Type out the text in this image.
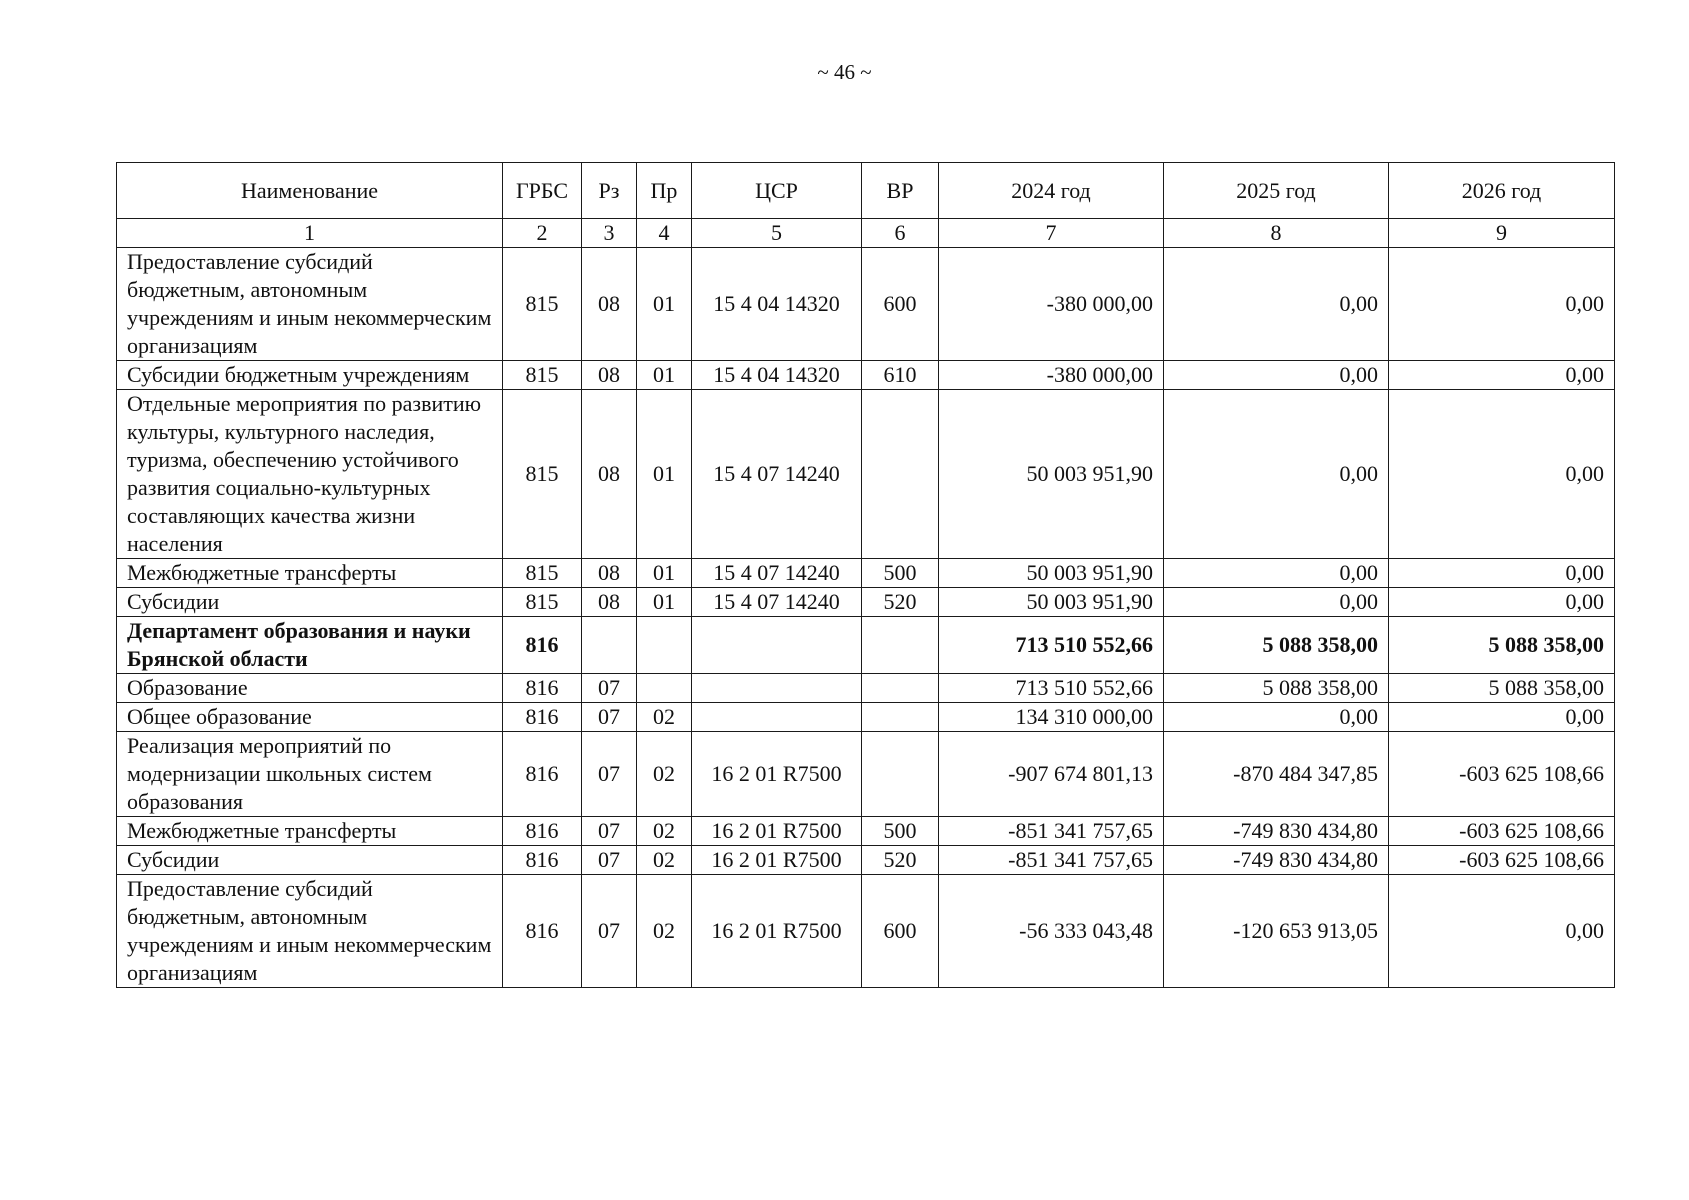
~ 46 ~
Наименование	ГРБС	Рз	Пр	ЦСР	ВР	2024 год	2025 год	2026 год
1	2	3	4	5	6	7	8	9
Предоставление субсидий бюджетным, автономным учреждениям и иным некоммерческим организациям	815	08	01	15 4 04 14320	600	-380 000,00	0,00	0,00
Субсидии бюджетным учреждениям	815	08	01	15 4 04 14320	610	-380 000,00	0,00	0,00
Отдельные мероприятия по развитию культуры, культурного наследия, туризма, обеспечению устойчивого развития социально-культурных составляющих качества жизни населения	815	08	01	15 4 07 14240		50 003 951,90	0,00	0,00
Межбюджетные трансферты	815	08	01	15 4 07 14240	500	50 003 951,90	0,00	0,00
Субсидии	815	08	01	15 4 07 14240	520	50 003 951,90	0,00	0,00
Департамент образования и науки Брянской области	816					713 510 552,66	5 088 358,00	5 088 358,00
Образование	816	07				713 510 552,66	5 088 358,00	5 088 358,00
Общее образование	816	07	02			134 310 000,00	0,00	0,00
Реализация мероприятий по модернизации школьных систем образования	816	07	02	16 2 01 R7500		-907 674 801,13	-870 484 347,85	-603 625 108,66
Межбюджетные трансферты	816	07	02	16 2 01 R7500	500	-851 341 757,65	-749 830 434,80	-603 625 108,66
Субсидии	816	07	02	16 2 01 R7500	520	-851 341 757,65	-749 830 434,80	-603 625 108,66
Предоставление субсидий бюджетным, автономным учреждениям и иным некоммерческим организациям	816	07	02	16 2 01 R7500	600	-56 333 043,48	-120 653 913,05	0,00
